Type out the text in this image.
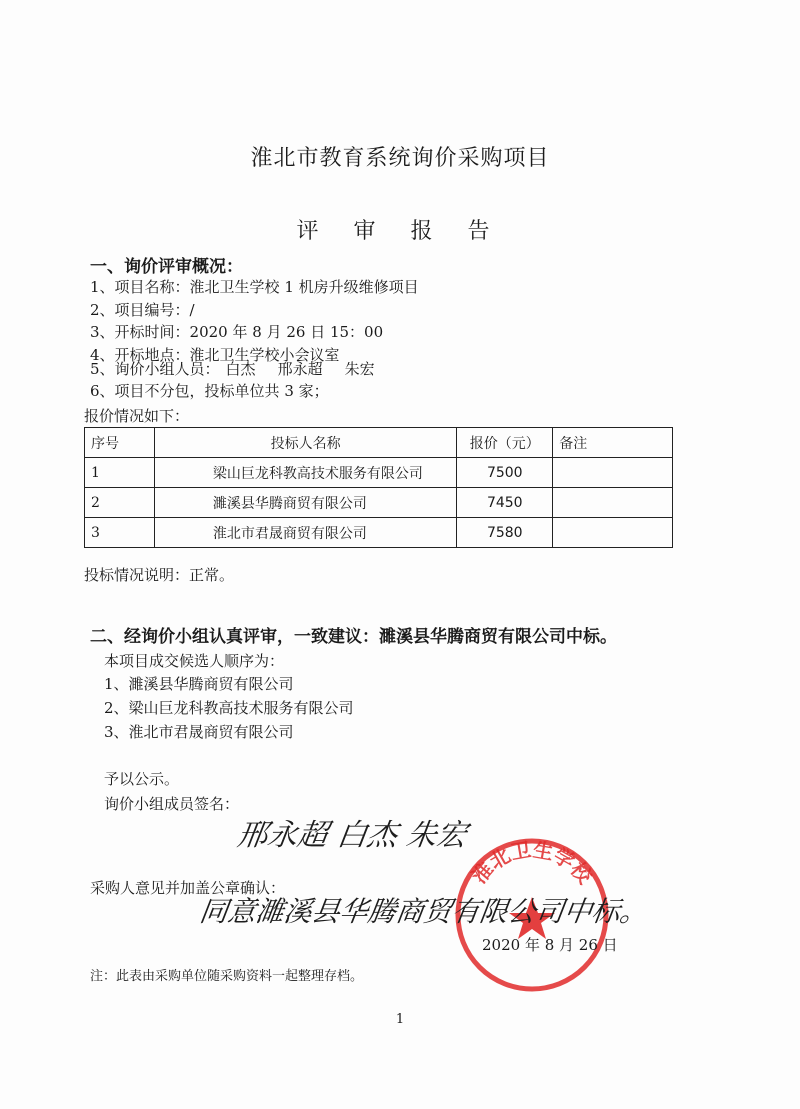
淮北市教育系统询价采购项目
评 审 报 告
一、询价评审概况：
1、项目名称：淮北卫生学校 1 机房升级维修项目
2、项目编号：/
3、开标时间：2020 年 8 月 26 日 15：00
4、开标地点：淮北卫生学校小会议室
5、询价小组人员： 白杰 邢永超 朱宏
6、项目不分包，投标单位共 3 家；
报价情况如下：
序号	投标人名称	报价（元）	备注
1	梁山巨龙科教高技术服务有限公司	7500	
2	濉溪县华腾商贸有限公司	7450	
3	淮北市君晟商贸有限公司	7580	
投标情况说明：正常。
二、经询价小组认真评审，一致建议：濉溪县华腾商贸有限公司中标。
本项目成交候选人顺序为：
1、濉溪县华腾商贸有限公司
2、梁山巨龙科教高技术服务有限公司
3、淮北市君晟商贸有限公司
予以公示。
询价小组成员签名：
邢永超 白杰 朱宏
淮北卫生学校
采购人意见并加盖公章确认：
同意濉溪县华腾商贸有限公司中标。
2020 年 8 月 26 日
注：此表由采购单位随采购资料一起整理存档。
1
